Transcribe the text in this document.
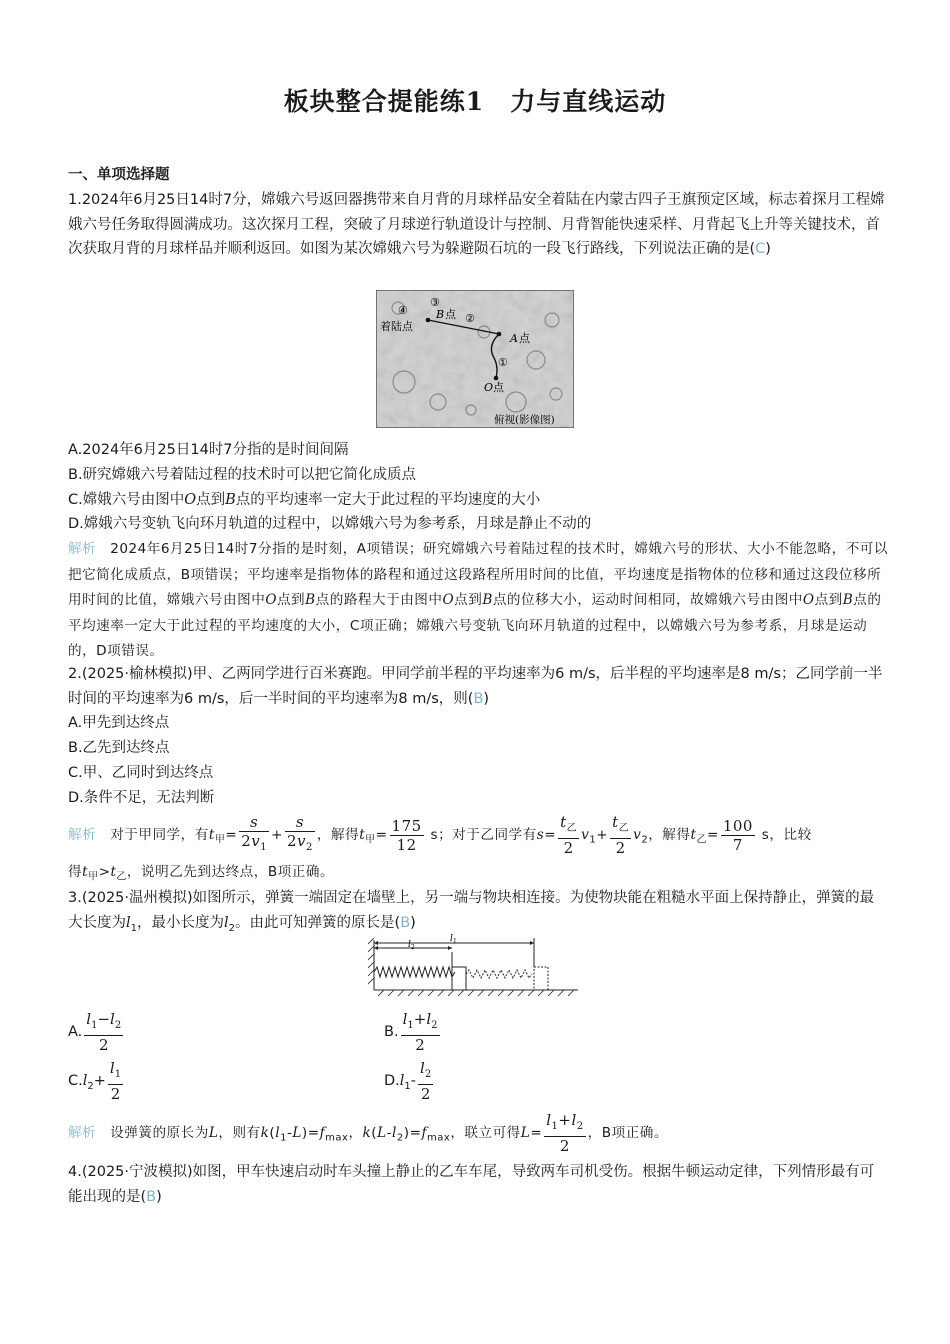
板块整合提能练1　力与直线运动
一、单项选择题
1.2024年6月25日14时7分，嫦娥六号返回器携带来自月背的月球样品安全着陆在内蒙古四子王旗预定区域，标志着探月工程嫦娥六号任务取得圆满成功。这次探月工程，突破了月球逆行轨道设计与控制、月背智能快速采样、月背起飞上升等关键技术，首次获取月背的月球样品并顺利返回。如图为某次嫦娥六号为躲避陨石坑的一段飞行路线，下列说法正确的是(C)
④
着陆点
③
B 点 ②
A 点
①
O 点
俯视(影像图)
A.2024年6月25日14时7分指的是时间间隔
B.研究嫦娥六号着陆过程的技术时可以把它简化成质点
C.嫦娥六号由图中O点到B点的平均速率一定大于此过程的平均速度的大小
D.嫦娥六号变轨飞向环月轨道的过程中，以嫦娥六号为参考系，月球是静止不动的
解析 2024年6月25日14时7分指的是时刻，A项错误；研究嫦娥六号着陆过程的技术时，嫦娥六号的形状、大小不能忽略，不可以把它简化成质点，B项错误；平均速率是指物体的路程和通过这段路程所用时间的比值，平均速度是指物体的位移和通过这段位移所用时间的比值，嫦娥六号由图中O点到B点的路程大于由图中O点到B点的位移大小，运动时间相同，故嫦娥六号由图中O点到B点的平均速率一定大于此过程的平均速度的大小，C项正确；嫦娥六号变轨飞向环月轨道的过程中，以嫦娥六号为参考系，月球是运动的，D项错误。
2.(2025·榆林模拟)甲、乙两同学进行百米赛跑。甲同学前半程的平均速率为6 m/s，后半程的平均速率是8 m/s；乙同学前一半时间的平均速率为6 m/s，后一半时间的平均速率为8 m/s，则(B)
A.甲先到达终点
B.乙先到达终点
C.甲、乙同时到达终点
D.条件不足，无法判断
解析 对于甲同学，有$t_甲= \frac{s}{2v_1} + \frac{s}{2v_2}$ ，解得$t_甲= \frac{175}{12}$ s；对于乙同学有$s= \frac{t_乙}{2} v_1+ \frac{t_乙}{2} v_2$，解得$t_乙= \frac{100}{7}$ s，比较
得$t_甲>t_乙$，说明乙先到达终点，B项正确。
3.(2025·温州模拟)如图所示，弹簧一端固定在墙壁上，另一端与物块相连接。为使物块能在粗糙水平面上保持静止，弹簧的最大长度为$l_1$，最小长度为$l_2$。由此可知弹簧的原长是(B)
l 2
l 1
A. $\frac{l_1-l_2}{2}$	B. $\frac{l_1+l_2}{2}$
$C.l_2+ \frac{l_1}{2}$	$D.l_1- \frac{l_2}{2}$
解析 设弹簧的原长为L，则有$k(l_1-L)=f_{max}$，$k(L-l_2)=f_{max}$，联立可得$L= \frac{l_1+l_2}{2}$ ，B项正确。
4.(2025·宁波模拟)如图，甲车快速启动时车头撞上静止的乙车车尾，导致两车司机受伤。根据牛顿运动定律，下列情形最有可能出现的是(B)
